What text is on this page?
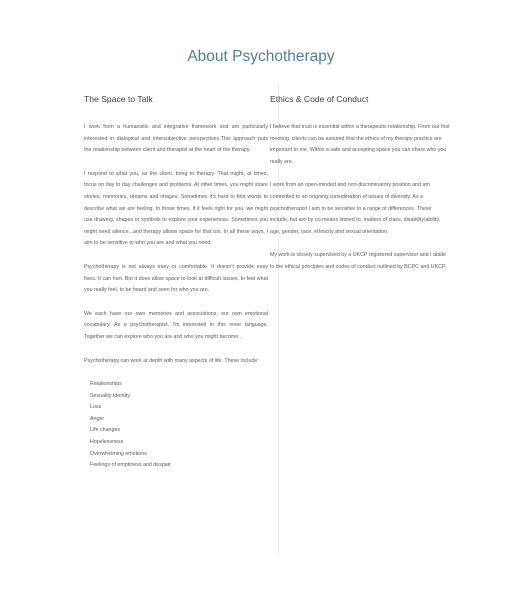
About Psychotherapy
The Space to Talk

I work from a humanistic and integrative framework and am particularly interested in dialogical and intersubjective perspectives.This approach puts the relationship between client and therapist at the heart of the therapy.

I respond to what you, as the client, bring to therapy. That might, at times, focus on day to day challenges and problems. At other times, you might share stories, memories, dreams and images. Sometimes it's hard to find words to describe what we are feeling. In those times, if it feels right for you, we might use drawing, shapes or symbols to explore your experiences. Sometimes you might need silence...and therapy allows space for that too. In all these ways, I aim to be sensitive to who you are and what you need.

Psychotherapy is not always easy or comfortable. It doesn't provide easy fixes. It can hurt. But it does allow space to look at difficult issues, to feel what you really feel, to be heard and seen for who you are.

We each have our own memories and associations, our own emotional vocabulary. As a psychotherapist, I'm interested in this inner language. Together we can explore who you are and who you might become...

Psychotherapy can work at depth with many aspects of life. These include:

Relationships
Sexuality Identity
Loss
Anger
Life changes
Hopelessness
Overwhelming emotions
Feelings of emptiness and despair
Ethics & Code of Conduct

I believe that trust is essential within a therapeutic relationship. From our first meeting, clients can be assured that the ethics of my therapy practice are important to me. Within a safe and accepting space you can share who you really are.

I work from an open-minded and non-discriminatory position and am committed to an ongoing consideration of issues of diversity. As a psychotherapist I aim to be sensitive to a range of differences. These include, but are by no means limited to, matters of class, disability/ability, age, gender, race, ethnicity and sexual orientation.

My work is closely supervised by a UKCP registered supervisor and I abide to the ethical principles and codes of conduct outlined by BCPC and UKCP.
